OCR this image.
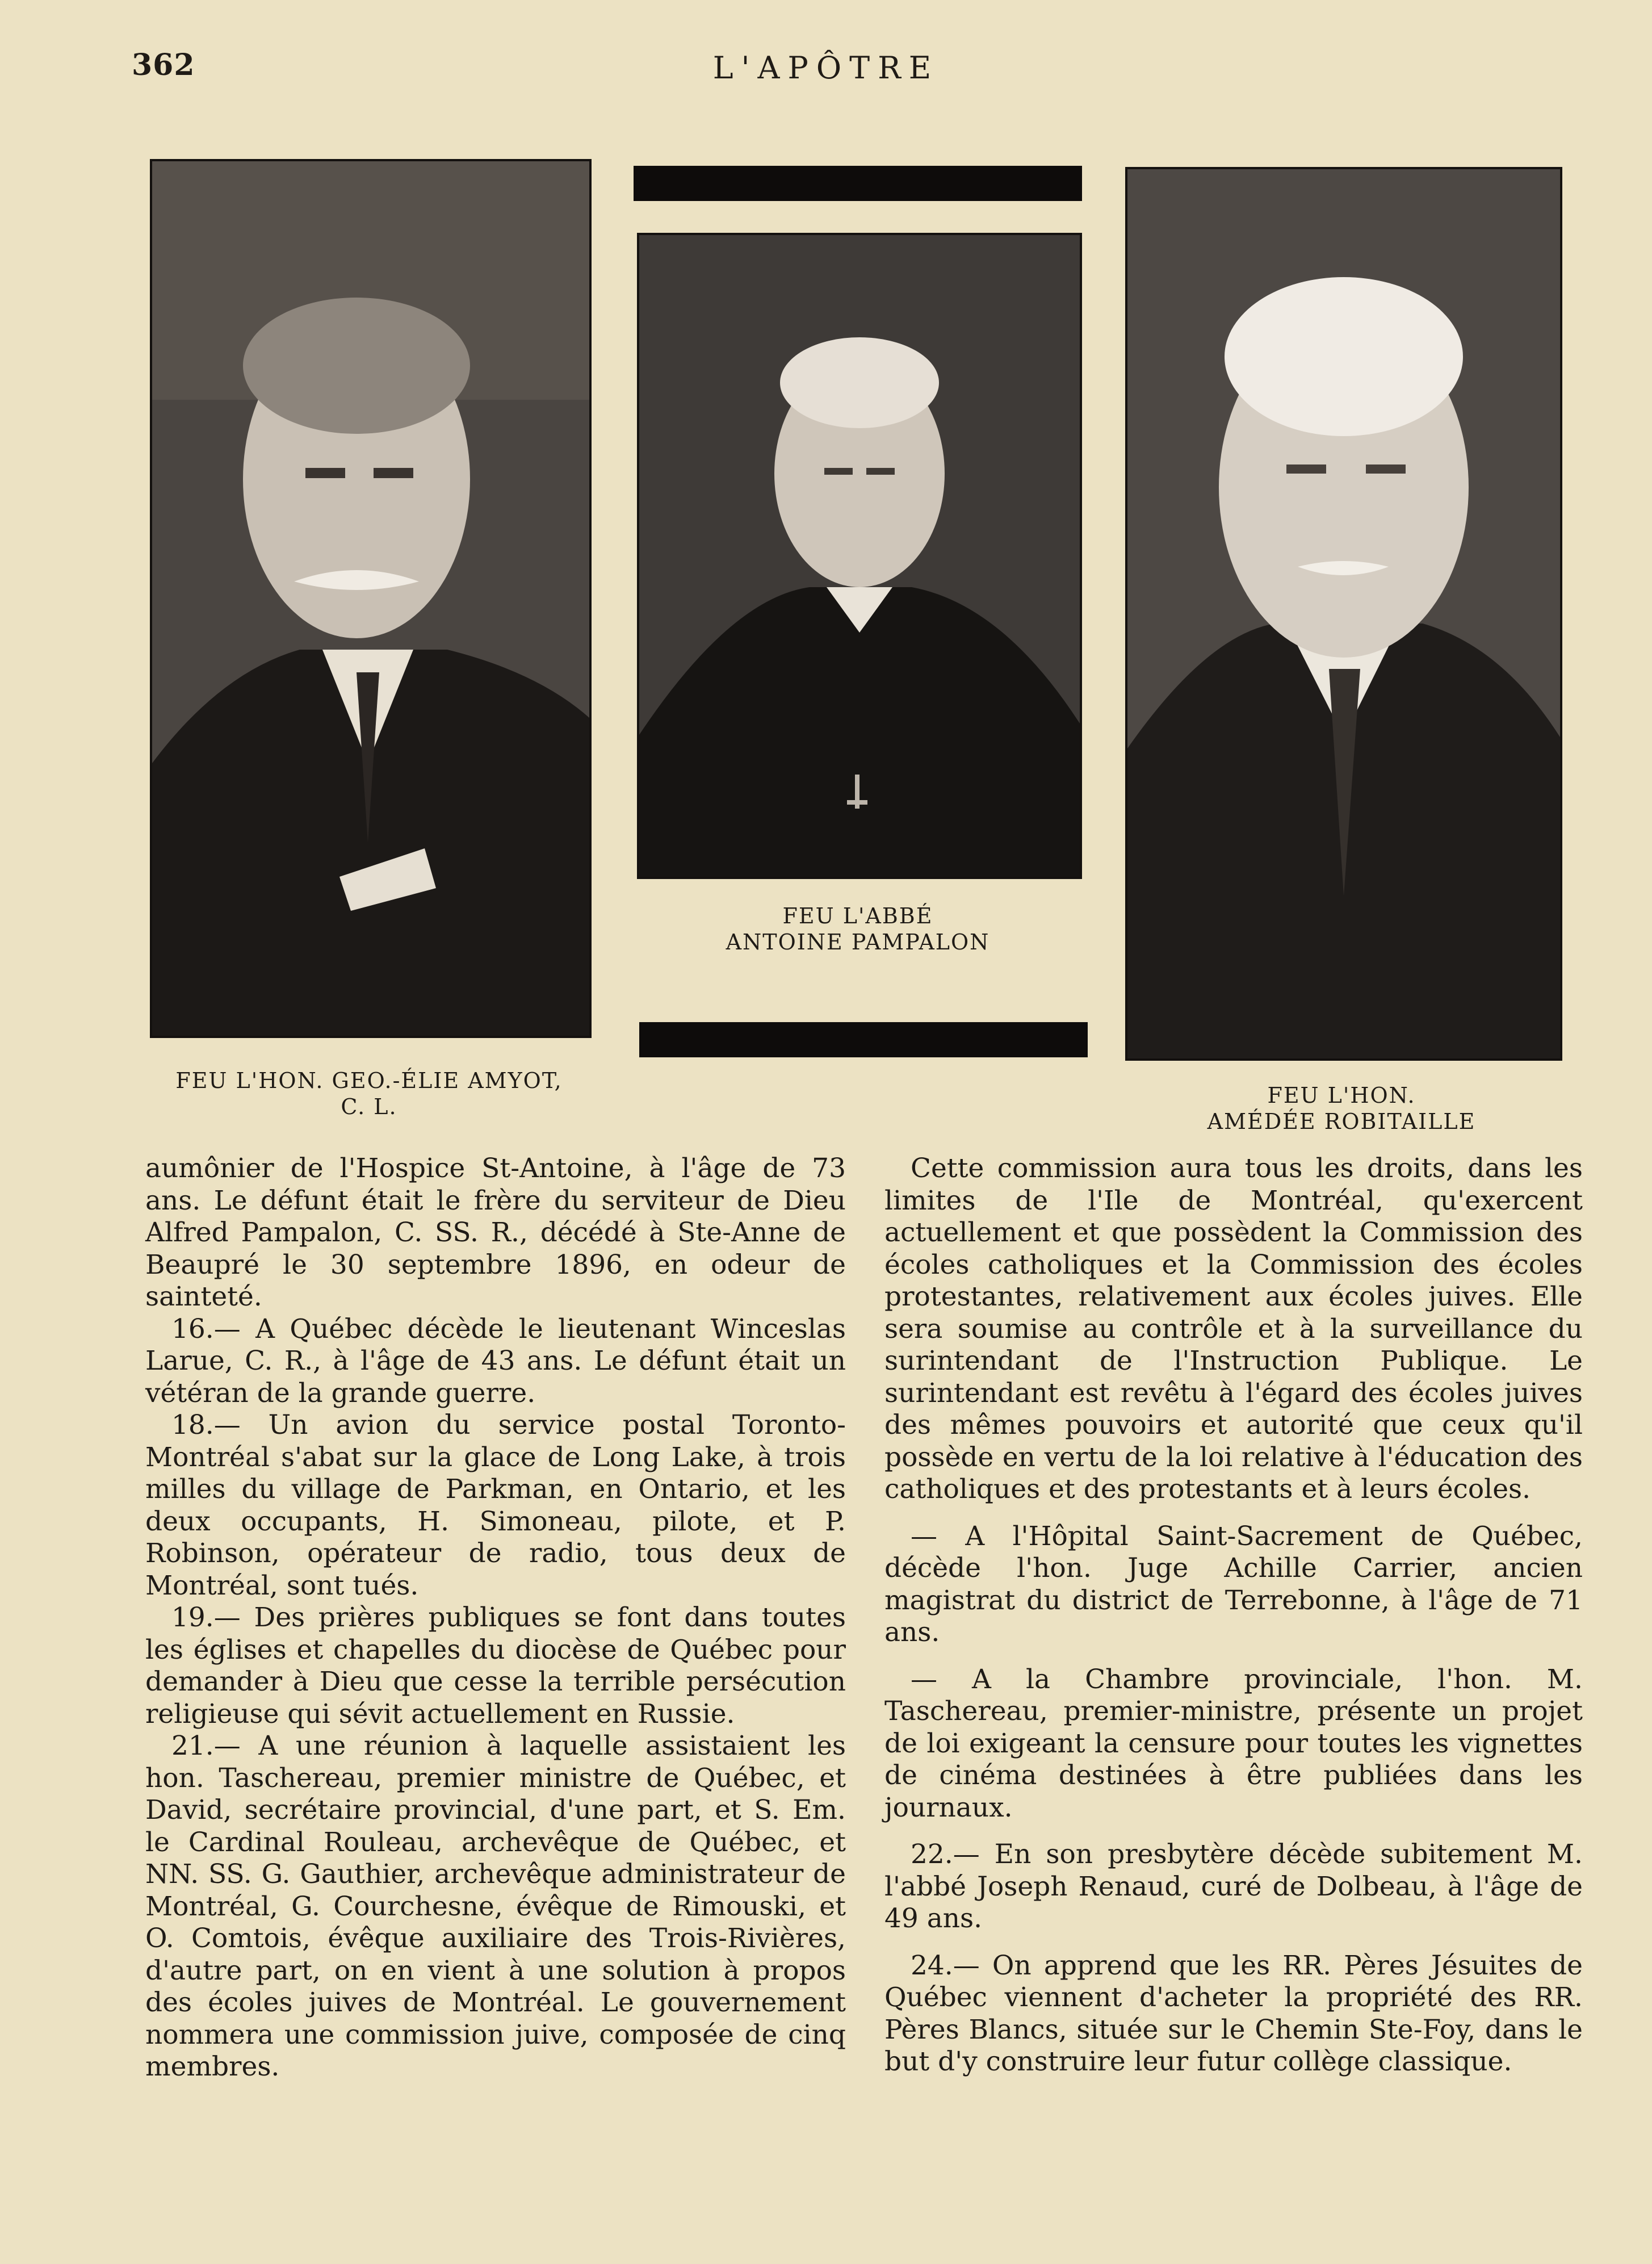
362	L'APÔTRE
FEU L'ABBÉ
ANTOINE PAMPALON
FEU L'HON. GEO.-ÉLIE AMYOT,
C. L.	FEU L'HON.
AMÉDÉE ROBITAILLE

aumônier de l'Hospice St-Antoine, à l'âge de 73 ans. Le défunt était le frère du serviteur de Dieu Alfred Pampalon, C. SS. R., décédé à Ste-Anne de Beaupré le 30 septembre 1896, en odeur de sainteté.

16.— A Québec décède le lieutenant Winceslas Larue, C. R., à l'âge de 43 ans. Le défunt était un vétéran de la grande guerre.

18.— Un avion du service postal Toronto-Montréal s'abat sur la glace de Long Lake, à trois milles du village de Parkman, en Ontario, et les deux occupants, H. Simoneau, pilote, et P. Robinson, opérateur de radio, tous deux de Montréal, sont tués.

19.— Des prières publiques se font dans toutes les églises et chapelles du diocèse de Québec pour demander à Dieu que cesse la terrible persécution religieuse qui sévit actuellement en Russie.

21.— A une réunion à laquelle assistaient les hon. Taschereau, premier ministre de Québec, et David, secrétaire provincial, d'une part, et S. Em. le Cardinal Rouleau, archevêque de Québec, et NN. SS. G. Gauthier, archevêque administrateur de Montréal, G. Courchesne, évêque de Rimouski, et O. Comtois, évêque auxiliaire des Trois-Rivières, d'autre part, on en vient à une solution à propos des écoles juives de Montréal. Le gouvernement nommera une commission juive, composée de cinq membres.

Cette commission aura tous les droits, dans les limites de l'Ile de Montréal, qu'exercent actuellement et que possèdent la Commission des écoles catholiques et la Commission des écoles protestantes, relativement aux écoles juives. Elle sera soumise au contrôle et à la surveillance du surintendant de l'Instruction Publique. Le surintendant est revêtu à l'égard des écoles juives des mêmes pouvoirs et autorité que ceux qu'il possède en vertu de la loi relative à l'éducation des catholiques et des protestants et à leurs écoles.

— A l'Hôpital Saint-Sacrement de Québec, décède l'hon. Juge Achille Carrier, ancien magistrat du district de Terrebonne, à l'âge de 71 ans.

— A la Chambre provinciale, l'hon. M. Taschereau, premier-ministre, présente un projet de loi exigeant la censure pour toutes les vignettes de cinéma destinées à être publiées dans les journaux.

22.— En son presbytère décède subitement M. l'abbé Joseph Renaud, curé de Dolbeau, à l'âge de 49 ans.

24.— On apprend que les RR. Pères Jésuites de Québec viennent d'acheter la propriété des RR. Pères Blancs, située sur le Chemin Ste-Foy, dans le but d'y construire leur futur collège classique.
